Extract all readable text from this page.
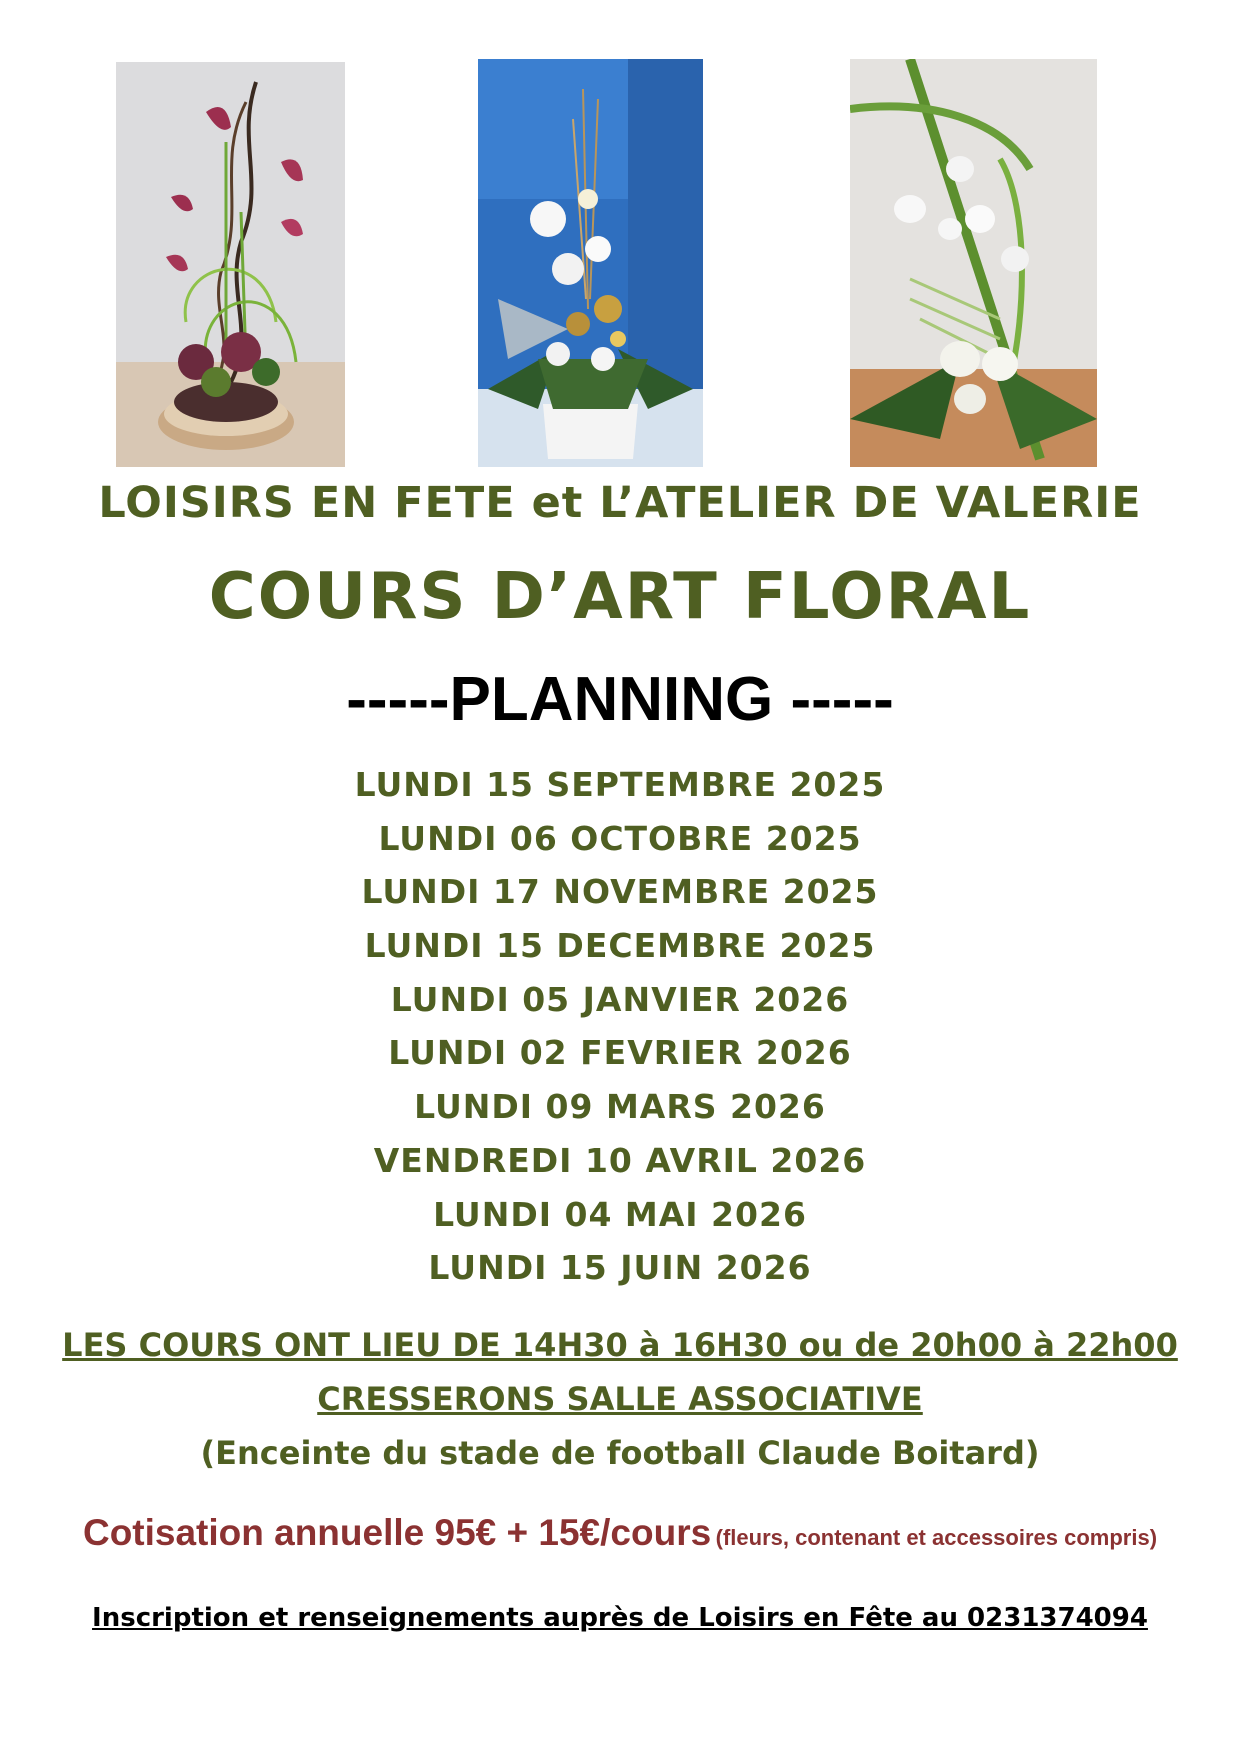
LOISIRS EN FETE et L’ATELIER DE VALERIE
COURS D’ART FLORAL
-----PLANNING -----
LUNDI 15 SEPTEMBRE 2025
LUNDI 06 OCTOBRE 2025
LUNDI 17 NOVEMBRE 2025
LUNDI 15 DECEMBRE 2025
LUNDI 05 JANVIER 2026
LUNDI 02 FEVRIER 2026
LUNDI 09 MARS 2026
VENDREDI 10 AVRIL 2026
LUNDI 04 MAI 2026
LUNDI 15 JUIN 2026
LES COURS ONT LIEU DE 14H30 à 16H30 ou de 20h00 à 22h00
CRESSERONS SALLE ASSOCIATIVE
(Enceinte du stade de football Claude Boitard)
Cotisation annuelle 95€ + 15€/cours (fleurs, contenant et accessoires compris)
Inscription et renseignements auprès de Loisirs en Fête au 0231374094
